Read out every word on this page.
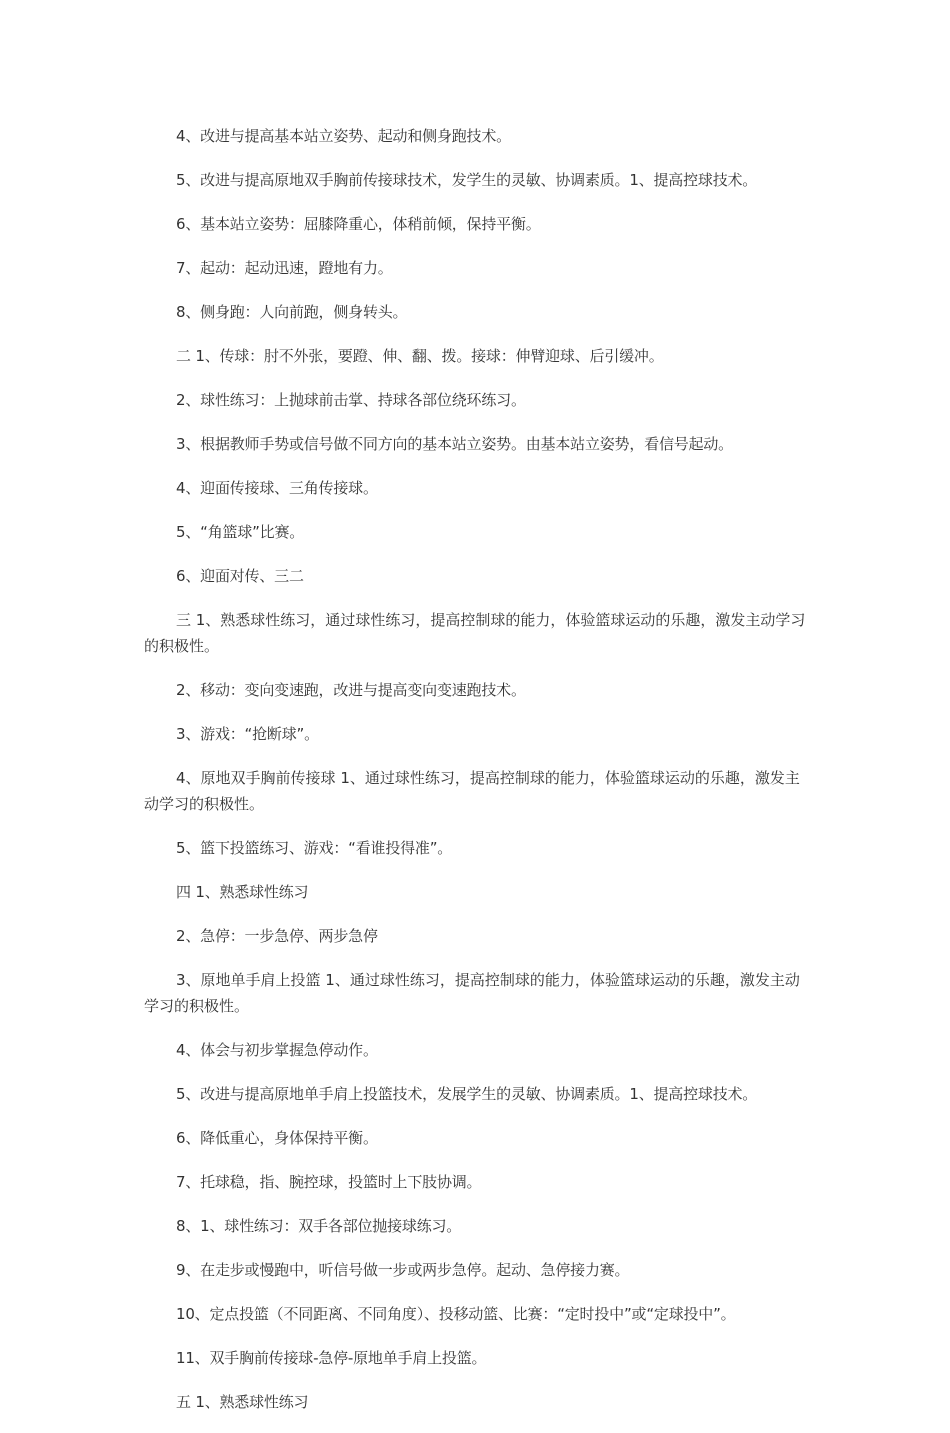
4、改进与提高基本站立姿势、起动和侧身跑技术。

5、改进与提高原地双手胸前传接球技术，发学生的灵敏、协调素质。1、提高控球技术。

6、基本站立姿势：屈膝降重心，体稍前倾，保持平衡。

7、起动：起动迅速，蹬地有力。

8、侧身跑：人向前跑，侧身转头。

二 1、传球：肘不外张，要蹬、伸、翻、拨。接球：伸臂迎球、后引缓冲。

2、球性练习：上抛球前击掌、持球各部位绕环练习。

3、根据教师手势或信号做不同方向的基本站立姿势。由基本站立姿势，看信号起动。

4、迎面传接球、三角传接球。

5、“角篮球”比赛。

6、迎面对传、三二

三 1、熟悉球性练习，通过球性练习，提高控制球的能力，体验篮球运动的乐趣，激发主动学习的积极性。

2、移动：变向变速跑，改进与提高变向变速跑技术。

3、游戏：“抢断球”。

4、原地双手胸前传接球 1、通过球性练习，提高控制球的能力，体验篮球运动的乐趣，激发主动学习的积极性。

5、篮下投篮练习、游戏：“看谁投得准”。

四 1、熟悉球性练习

2、急停：一步急停、两步急停

3、原地单手肩上投篮 1、通过球性练习，提高控制球的能力，体验篮球运动的乐趣，激发主动学习的积极性。

4、体会与初步掌握急停动作。

5、改进与提高原地单手肩上投篮技术，发展学生的灵敏、协调素质。1、提高控球技术。

6、降低重心，身体保持平衡。

7、托球稳，指、腕控球，投篮时上下肢协调。

8、1、球性练习：双手各部位抛接球练习。

9、在走步或慢跑中，听信号做一步或两步急停。起动、急停接力赛。

10、定点投篮（不同距离、不同角度）、投移动篮、比赛：“定时投中”或“定球投中”。

11、双手胸前传接球-急停-原地单手肩上投篮。

五 1、熟悉球性练习
